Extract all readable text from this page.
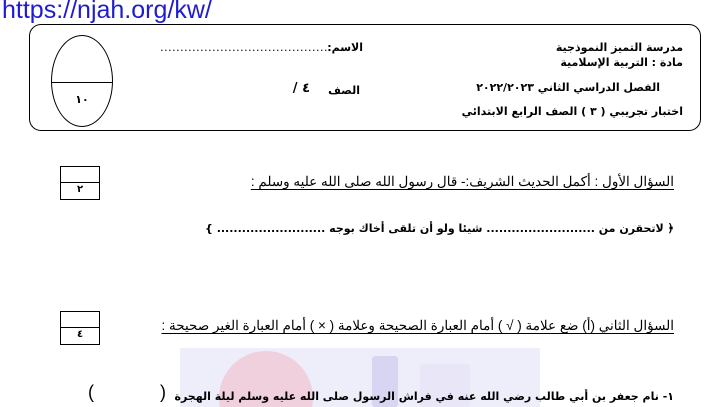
https://njah.org/kw/
١٠
مدرسة التميز النموذجية
مادة : التربية الإسلامية
الفصل الدراسي الثاني ٢٠٢٢/٢٠٢٣
اختبار تجريبي ( ٣ ) الصف الرابع الابتدائي
الاسم:
..........................................
الصف
٤ /
٢
السؤال الأول : أكمل الحديث الشريف:- قال رسول الله صلى الله عليه وسلم :
﴿ لاتحقرن من .......................... شيئا ولو أن تلقى أخاك بوجه .......................... }
٤
السؤال الثاني (أ) ضع علامة ( √ ) أمام العبارة الصحيحة وعلامة ( × ) أمام العبارة الغير صحيحة :
١- نام جعفر بن أبي طالب رضي الله عنه في فراش الرسول صلى الله عليه وسلم ليلة الهجرة
(	)
